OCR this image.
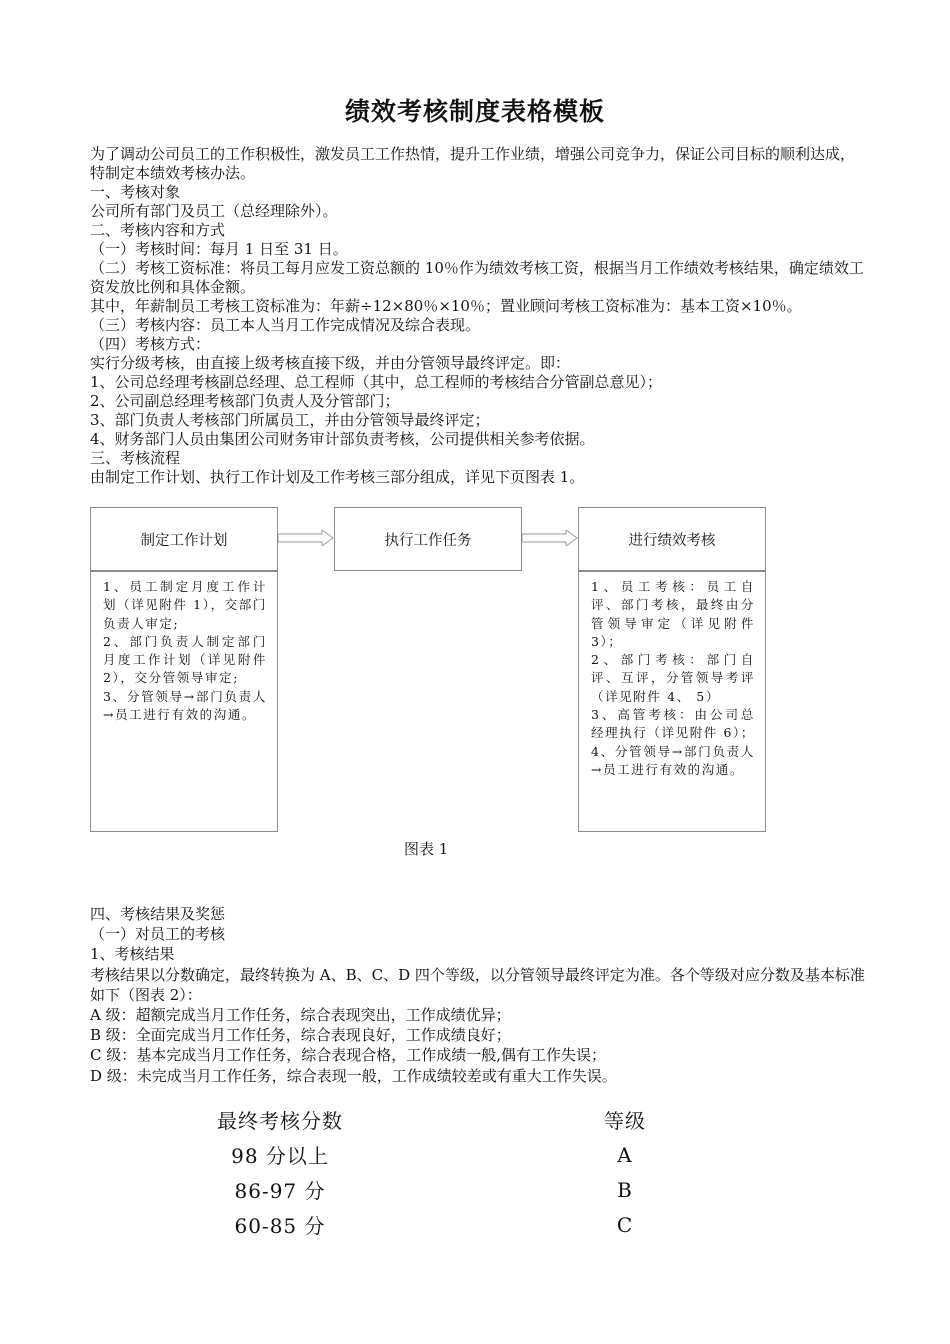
绩效考核制度表格模板

为了调动公司员工的工作积极性，激发员工工作热情，提升工作业绩，增强公司竞争力，保证公司目标的顺利达成，特制定本绩效考核办法。

一、考核对象

公司所有部门及员工（总经理除外）。

二、考核内容和方式

（一）考核时间：每月 1 日至 31 日。

（二）考核工资标准：将员工每月应发工资总额的 10％作为绩效考核工资，根据当月工作绩效考核结果，确定绩效工资发放比例和具体金额。

其中，年薪制员工考核工资标准为：年薪÷12×80％×10％；置业顾问考核工资标准为：基本工资×10％。

（三）考核内容：员工本人当月工作完成情况及综合表现。

（四）考核方式：

实行分级考核，由直接上级考核直接下级，并由分管领导最终评定。即：

1、公司总经理考核副总经理、总工程师（其中，总工程师的考核结合分管副总意见）；

2、公司副总经理考核部门负责人及分管部门；

3、部门负责人考核部门所属员工，并由分管领导最终评定；

4、财务部门人员由集团公司财务审计部负责考核，公司提供相关参考依据。

三、考核流程

由制定工作计划、执行工作计划及工作考核三部分组成，详见下页图表 1。

制定工作计划	执行工作任务	进行绩效考核

1、员工制定月度工作计划（详见附件 1），交部门负责人审定;

2、部门负责人制定部门月度工作计划（详见附件 2），交分管领导审定;

3、分管领导→部门负责人→员工进行有效的沟通。

1、员工考核：员工自评、部门考核，最终由分管领导审定（详见附件 3）；

2、部门考核：部门自评、互评，分管领导考评（详见附件 4、 5）

3、高管考核：由公司总经理执行（详见附件 6）；

4、分管领导→部门负责人→员工进行有效的沟通。

图表 1

四、考核结果及奖惩

（一）对员工的考核

1、考核结果

考核结果以分数确定，最终转换为 A、B、C、D 四个等级，以分管领导最终评定为准。各个等级对应分数及基本标准如下（图表 2）：

A 级：超额完成当月工作任务，综合表现突出，工作成绩优异；

B 级：全面完成当月工作任务，综合表现良好，工作成绩良好；

C 级：基本完成当月工作任务，综合表现合格，工作成绩一般,偶有工作失误；

D 级：未完成当月工作任务，综合表现一般，工作成绩较差或有重大工作失误。

最终考核分数	等级
98 分以上	A
86-97 分	B
60-85 分	C
